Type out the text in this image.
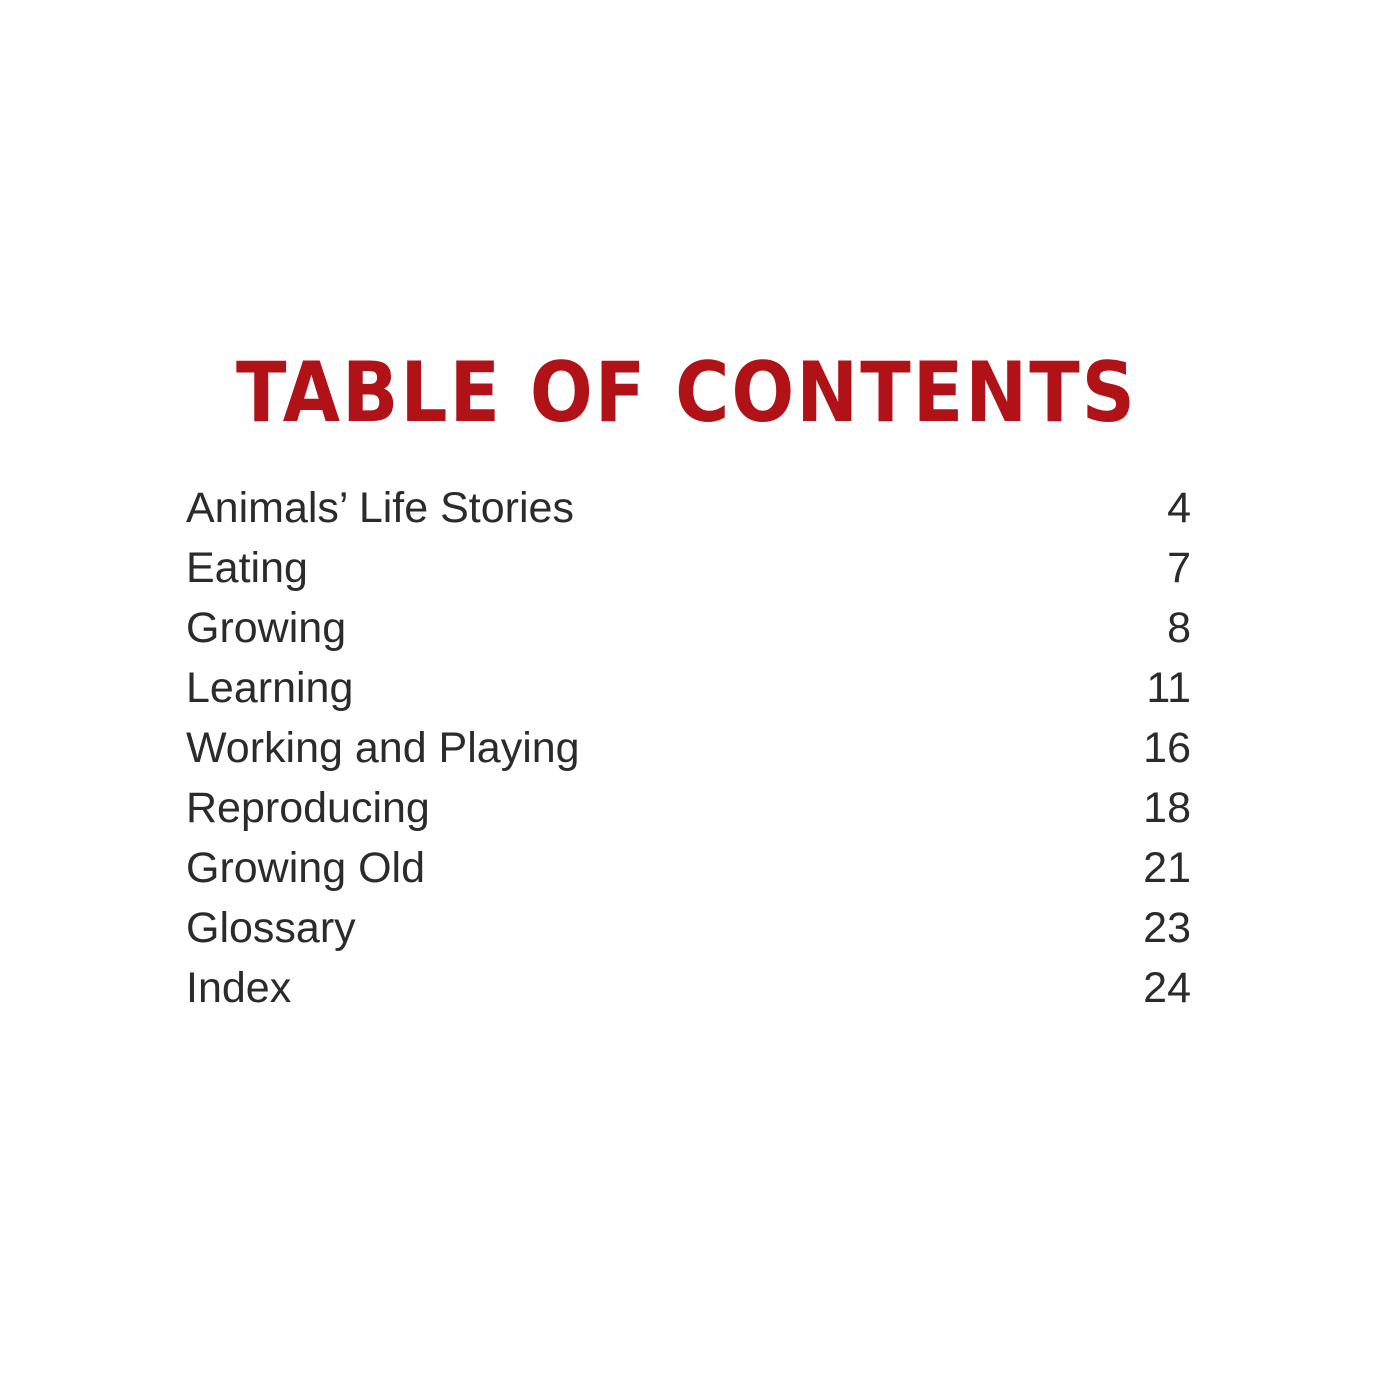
TABLE OF CONTENTS
Animals’ Life Stories	4
Eating	7
Growing	8
Learning	11
Working and Playing	16
Reproducing	18
Growing Old	21
Glossary	23
Index	24
